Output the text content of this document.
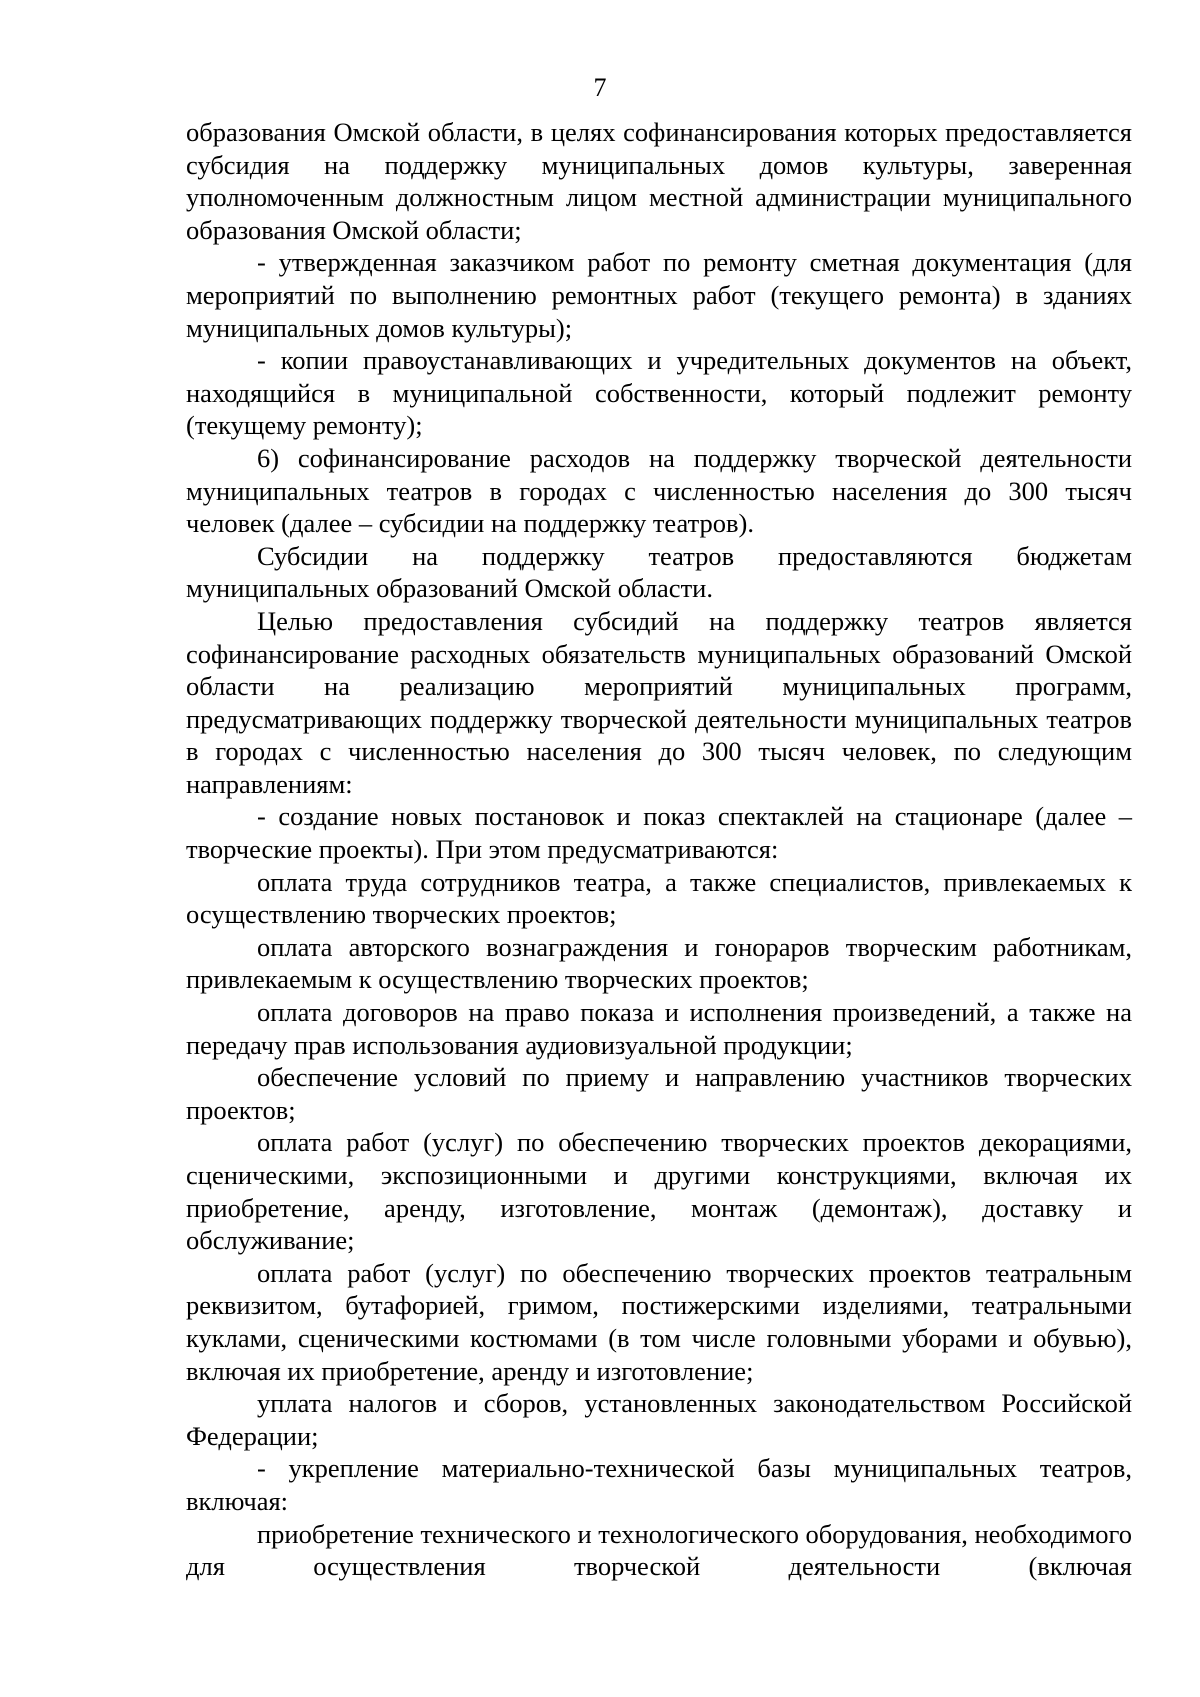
7

образования Омской области, в целях софинансирования которых предоставляется субсидия на поддержку муниципальных домов культуры, заверенная уполномоченным должностным лицом местной администрации муниципального образования Омской области;

- утвержденная заказчиком работ по ремонту сметная документация (для мероприятий по выполнению ремонтных работ (текущего ремонта) в зданиях муниципальных домов культуры);

- копии правоустанавливающих и учредительных документов на объект, находящийся в муниципальной собственности, который подлежит ремонту (текущему ремонту);

6) софинансирование расходов на поддержку творческой деятельности муниципальных театров в городах с численностью населения до 300 тысяч человек (далее – субсидии на поддержку театров).

Субсидии на поддержку театров предоставляются бюджетам муниципальных образований Омской области.

Целью предоставления субсидий на поддержку театров является софинансирование расходных обязательств муниципальных образований Омской области на реализацию мероприятий муниципальных программ, предусматривающих поддержку творческой деятельности муниципальных театров в городах с численностью населения до 300 тысяч человек, по следующим направлениям:

- создание новых постановок и показ спектаклей на стационаре (далее – творческие проекты). При этом предусматриваются:

оплата труда сотрудников театра, а также специалистов, привлекаемых к осуществлению творческих проектов;

оплата авторского вознаграждения и гонораров творческим работникам, привлекаемым к осуществлению творческих проектов;

оплата договоров на право показа и исполнения произведений, а также на передачу прав использования аудиовизуальной продукции;

обеспечение условий по приему и направлению участников творческих проектов;

оплата работ (услуг) по обеспечению творческих проектов декорациями, сценическими, экспозиционными и другими конструкциями, включая их приобретение, аренду, изготовление, монтаж (демонтаж), доставку и обслуживание;

оплата работ (услуг) по обеспечению творческих проектов театральным реквизитом, бутафорией, гримом, постижерскими изделиями, театральными куклами, сценическими костюмами (в том числе головными уборами и обувью), включая их приобретение, аренду и изготовление;

уплата налогов и сборов, установленных законодательством Российской Федерации;

- укрепление материально-технической базы муниципальных театров, включая:

приобретение технического и технологического оборудования, необходимого для осуществления творческой деятельности (включая
